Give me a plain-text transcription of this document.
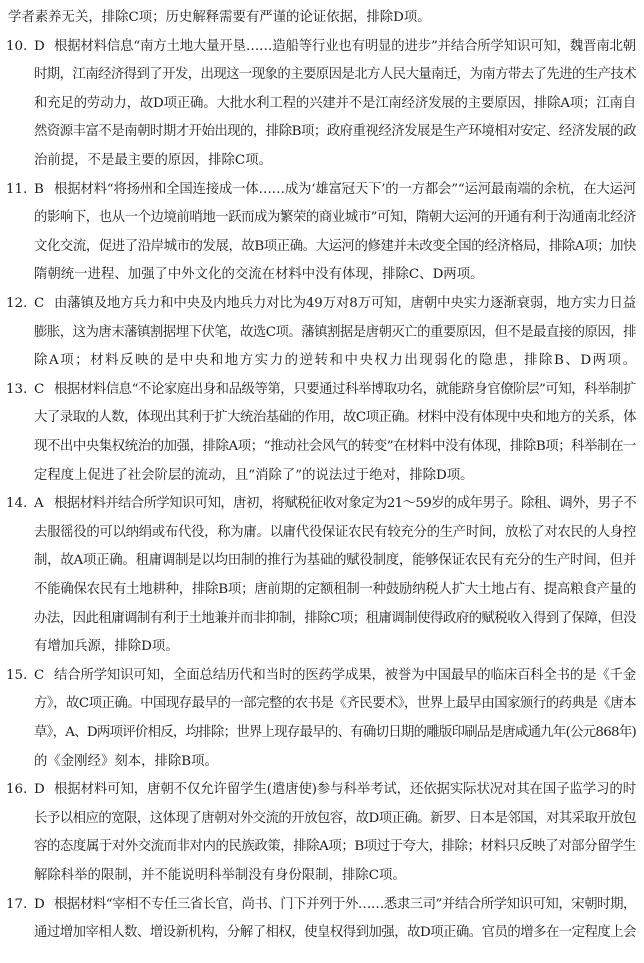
学者素养无关，排除C项；历史解释需要有严谨的论证依据，排除D项。
10. D 根据材料信息“南方土地大量开垦……造船等行业也有明显的进步”并结合所学知识可知，魏晋南北朝
时期，江南经济得到了开发，出现这一现象的主要原因是北方人民大量南迁，为南方带去了先进的生产技术
和充足的劳动力，故D项正确。大批水利工程的兴建并不是江南经济发展的主要原因，排除A项；江南自
然资源丰富不是南朝时期才开始出现的，排除B项；政府重视经济发展是生产环境相对安定、经济发展的政
治前提，不是最主要的原因，排除C项。
11. B 根据材料“将扬州和全国连接成一体……成为‘雄富冠天下’的一方都会”“运河最南端的余杭，在大运河
的影响下，也从一个边境前哨地一跃而成为繁荣的商业城市”可知，隋朝大运河的开通有利于沟通南北经济
文化交流，促进了沿岸城市的发展，故B项正确。大运河的修建并未改变全国的经济格局，排除A项；加快
隋朝统一进程、加强了中外文化的交流在材料中没有体现，排除C、D两项。
12. C 由藩镇及地方兵力和中央及内地兵力对比为49万对8万可知，唐朝中央实力逐渐衰弱，地方实力日益
膨胀，这为唐末藩镇割据埋下伏笔，故选C项。藩镇割据是唐朝灭亡的重要原因，但不是最直接的原因，排
除A项；材料反映的是中央和地方实力的逆转和中央权力出现弱化的隐患，排除B、D两项。
13. C 根据材料信息“不论家庭出身和品级等第，只要通过科举博取功名，就能跻身官僚阶层”可知，科举制扩
大了录取的人数，体现出其利于扩大统治基础的作用，故C项正确。材料中没有体现中央和地方的关系，体
现不出中央集权统治的加强，排除A项；“推动社会风气的转变”在材料中没有体现，排除B项；科举制在一
定程度上促进了社会阶层的流动，且“消除了”的说法过于绝对，排除D项。
14. A 根据材料并结合所学知识可知，唐初，将赋税征收对象定为21～59岁的成年男子。除租、调外，男子不
去服徭役的可以纳绢或布代役，称为庸。以庸代役保证农民有较充分的生产时间，放松了对农民的人身控
制，故A项正确。租庸调制是以均田制的推行为基础的赋役制度，能够保证农民有充分的生产时间，但并
不能确保农民有土地耕种，排除B项；唐前期的定额租制一种鼓励纳税人扩大土地占有、提高粮食产量的
办法，因此租庸调制有利于土地兼并而非抑制，排除C项；租庸调制使得政府的赋税收入得到了保障，但没
有增加兵源，排除D项。
15. C 结合所学知识可知，全面总结历代和当时的医药学成果，被誉为中国最早的临床百科全书的是《千金
方》，故C项正确。中国现存最早的一部完整的农书是《齐民要术》，世界上最早由国家颁行的药典是《唐本
草》，A、D两项评价相反，均排除；世界上现存最早的、有确切日期的雕版印刷品是唐咸通九年(公元868年)
的《金刚经》刻本，排除B项。
16. D 根据材料可知，唐朝不仅允许留学生(遣唐使)参与科举考试，还依据实际状况对其在国子监学习的时
长予以相应的宽限，这体现了唐朝对外交流的开放包容，故D项正确。新罗、日本是邻国，对其采取开放包
容的态度属于对外交流而非对内的民族政策，排除A项；B项过于夸大，排除；材料只反映了对部分留学生
解除科举的限制，并不能说明科举制没有身份限制，排除C项。
17. D 根据材料“宰相不专任三省长官，尚书、门下并列于外……悉隶三司”并结合所学知识可知，宋朝时期，
通过增加宰相人数、增设新机构，分解了相权，使皇权得到加强，故D项正确。官员的增多在一定程度上会
